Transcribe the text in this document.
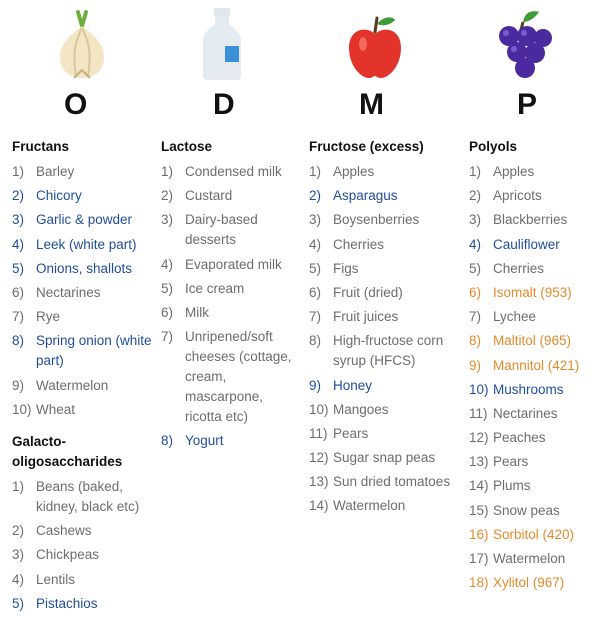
O
Fructans
1) Barley
2) Chicory
3) Garlic & powder
4) Leek (white part)
5) Onions, shallots
6) Nectarines
7) Rye
8) Spring onion (white part)
9) Watermelon
10) Wheat
Galacto-oligosaccharides
1) Beans (baked, kidney, black etc)
2) Cashews
3) Chickpeas
4) Lentils
5) Pistachios
D
Lactose
1) Condensed milk
2) Custard
3) Dairy-based desserts
4) Evaporated milk
5) Ice cream
6) Milk
7) Unripened/soft cheeses (cottage, cream, mascarpone, ricotta etc)
8) Yogurt
M
Fructose (excess)
1) Apples
2) Asparagus
3) Boysenberries
4) Cherries
5) Figs
6) Fruit (dried)
7) Fruit juices
8) High-fructose corn syrup (HFCS)
9) Honey
10) Mangoes
11) Pears
12) Sugar snap peas
13) Sun dried tomatoes
14) Watermelon
P
Polyols
1) Apples
2) Apricots
3) Blackberries
4) Cauliflower
5) Cherries
6) Isomalt (953)
7) Lychee
8) Maltitol (965)
9) Mannitol (421)
10) Mushrooms
11) Nectarines
12) Peaches
13) Pears
14) Plums
15) Snow peas
16) Sorbitol (420)
17) Watermelon
18) Xylitol (967)
